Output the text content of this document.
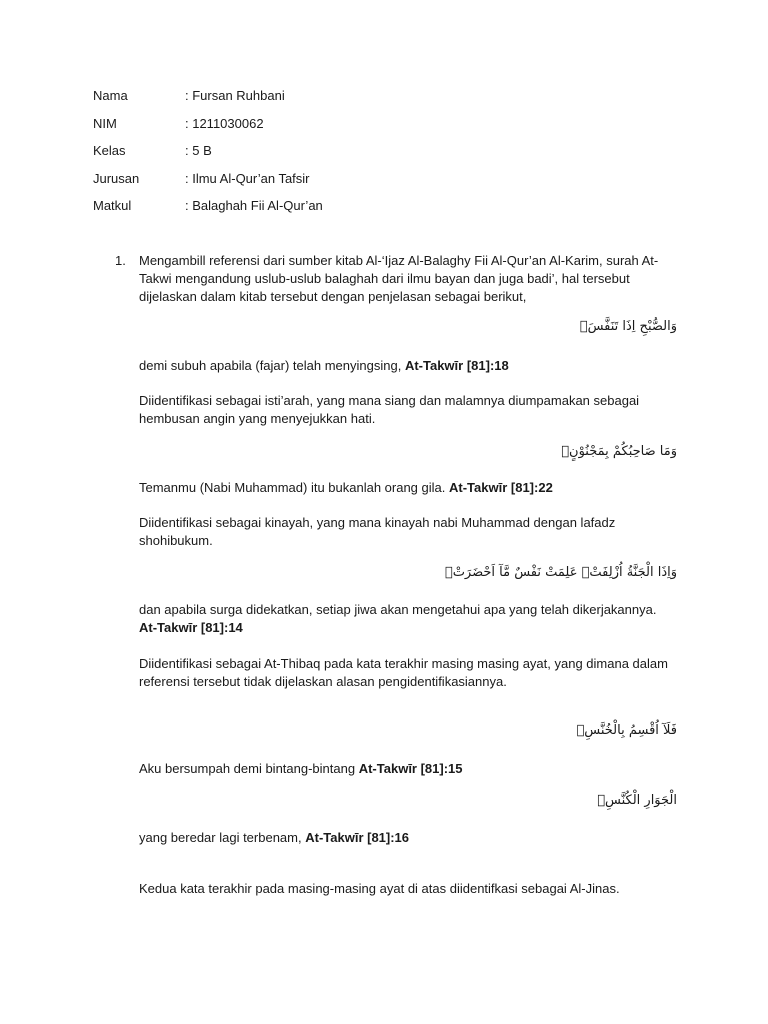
Nama	: Fursan Ruhbani
NIM	: 1211030062
Kelas	: 5 B
Jurusan	: Ilmu Al-Qur’an Tafsir
Matkul	: Balaghah Fii Al-Qur’an
1. Mengambill referensi dari sumber kitab Al-‘Ijaz Al-Balaghy Fii Al-Qur’an Al-Karim, surah At-Takwi mengandung uslub-uslub balaghah dari ilmu bayan dan juga badi’, hal tersebut dijelaskan dalam kitab tersebut dengan penjelasan sebagai berikut,

وَالصُّبْحِ اِذَا تَنَفَّسَۙ

demi subuh apabila (fajar) telah menyingsing, At-Takwīr [81]:18

Diidentifikasi sebagai isti’arah, yang mana siang dan malamnya diumpamakan sebagai hembusan angin yang menyejukkan hati.

وَمَا صَاحِبُكُمْ بِمَجْنُوْنٍۚ

Temanmu (Nabi Muhammad) itu bukanlah orang gila. At-Takwīr [81]:22

Diidentifikasi sebagai kinayah, yang mana kinayah nabi Muhammad dengan lafadz shohibukum.

وَاِذَا الْجَنَّةُ اُزْلِفَتْۖ عَلِمَتْ نَفْسٌ مَّآ اَحْضَرَتْۗ

dan apabila surga didekatkan, setiap jiwa akan mengetahui apa yang telah dikerjakannya. At-Takwīr [81]:14

Diidentifikasi sebagai At-Thibaq pada kata terakhir masing masing ayat, yang dimana dalam referensi tersebut tidak dijelaskan alasan pengidentifikasiannya.

فَلَآ اُقْسِمُ بِالْخُنَّسِۙ

Aku bersumpah demi bintang-bintang At-Takwīr [81]:15

الْجَوَارِ الْكُنَّسِۙ

yang beredar lagi terbenam, At-Takwīr [81]:16

Kedua kata terakhir pada masing-masing ayat di atas diidentifkasi sebagai Al-Jinas.
